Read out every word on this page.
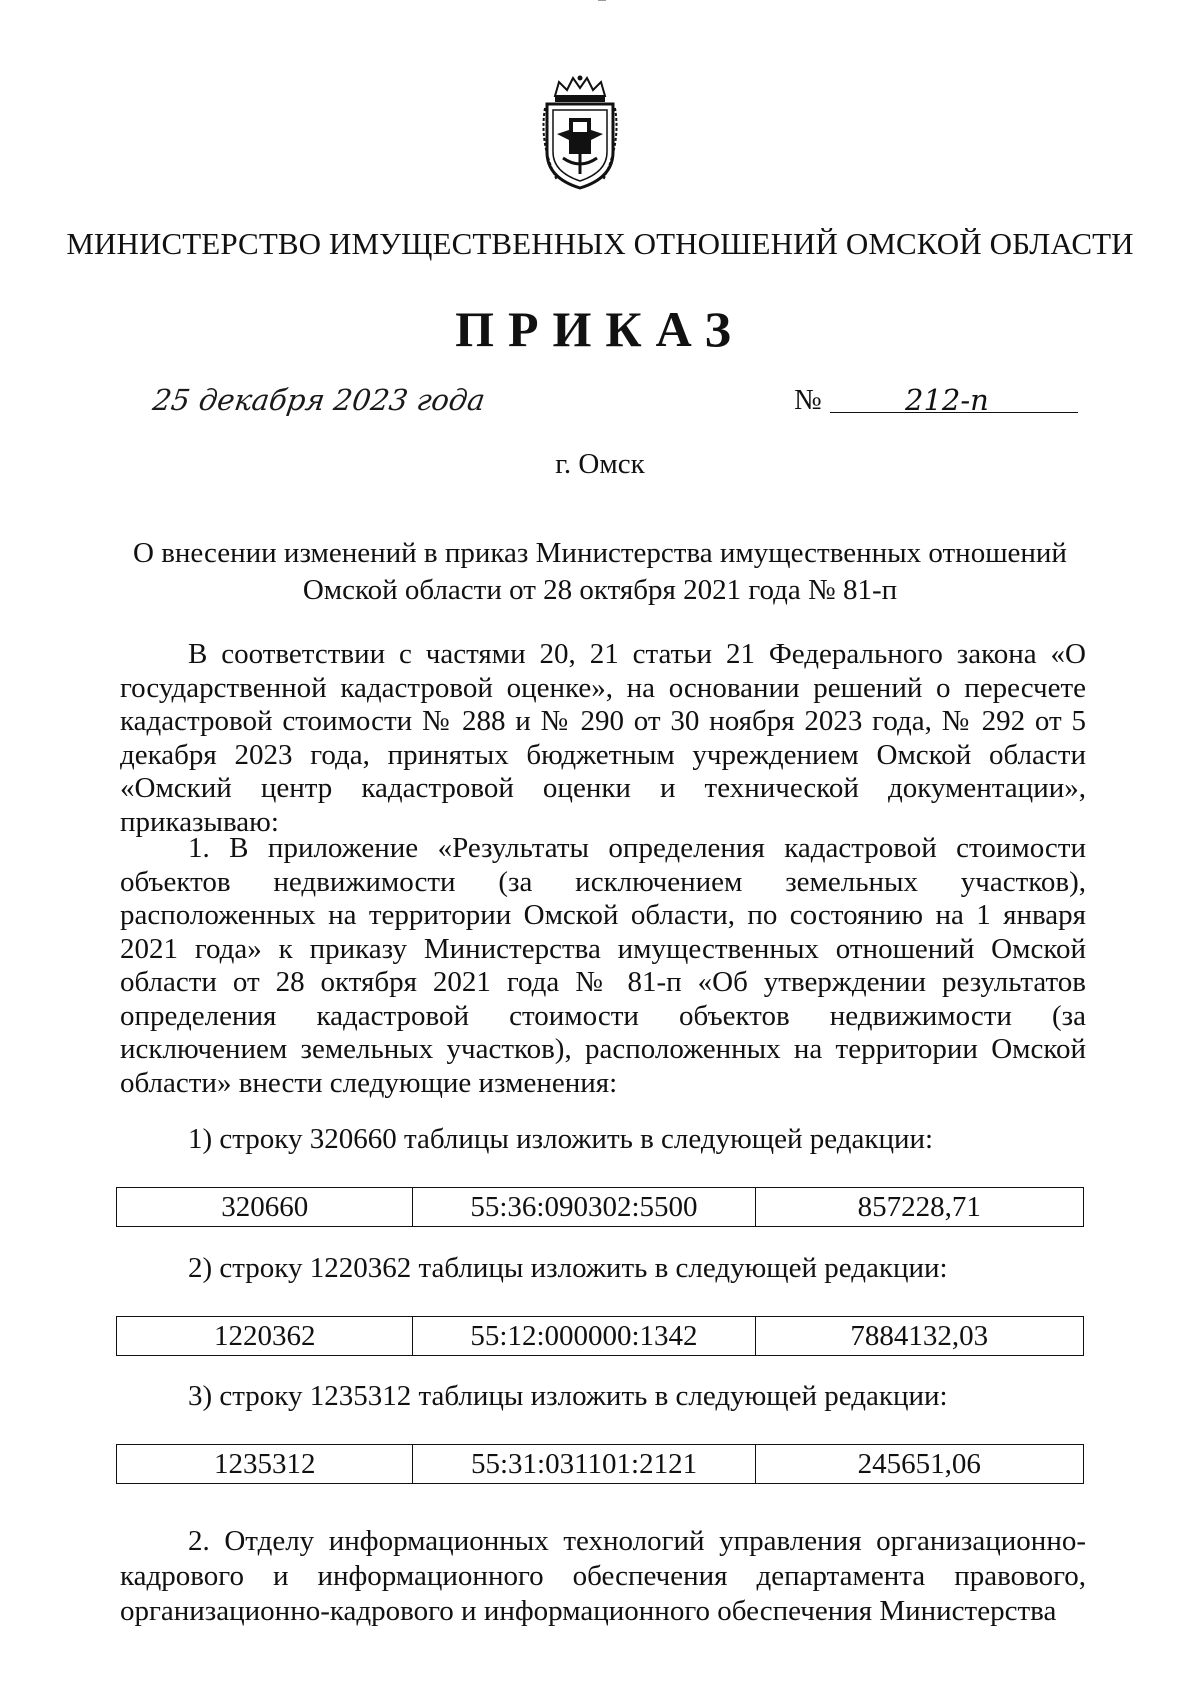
МИНИСТЕРСТВО ИМУЩЕСТВЕННЫХ ОТНОШЕНИЙ ОМСКОЙ ОБЛАСТИ
ПРИКАЗ
25 декабря 2023 года	№	212-п
г. Омск
О внесении изменений в приказ Министерства имущественных отношений
Омской области от 28 октября 2021 года № 81-п
В соответствии с частями 20, 21 статьи 21 Федерального закона «О государственной кадастровой оценке», на основании решений о пересчете кадастровой стоимости № 288 и № 290 от 30 ноября 2023 года, № 292 от 5 декабря 2023 года, принятых бюджетным учреждением Омской области «Омский центр кадастровой оценки и технической документации», приказываю:
1. В приложение «Результаты определения кадастровой стоимости объектов недвижимости (за исключением земельных участков), расположенных на территории Омской области, по состоянию на 1 января 2021 года» к приказу Министерства имущественных отношений Омской области от 28 октября 2021 года № 81-п «Об утверждении результатов определения кадастровой стоимости объектов недвижимости (за исключением земельных участков), расположенных на территории Омской области» внести следующие изменения:
1) строку 320660 таблицы изложить в следующей редакции:
320660	55:36:090302:5500	857228,71
2) строку 1220362 таблицы изложить в следующей редакции:
1220362	55:12:000000:1342	7884132,03
3) строку 1235312 таблицы изложить в следующей редакции:
1235312	55:31:031101:2121	245651,06
2. Отделу информационных технологий управления организационно-кадрового и информационного обеспечения департамента правового, организационно-кадрового и информационного обеспечения Министерства
